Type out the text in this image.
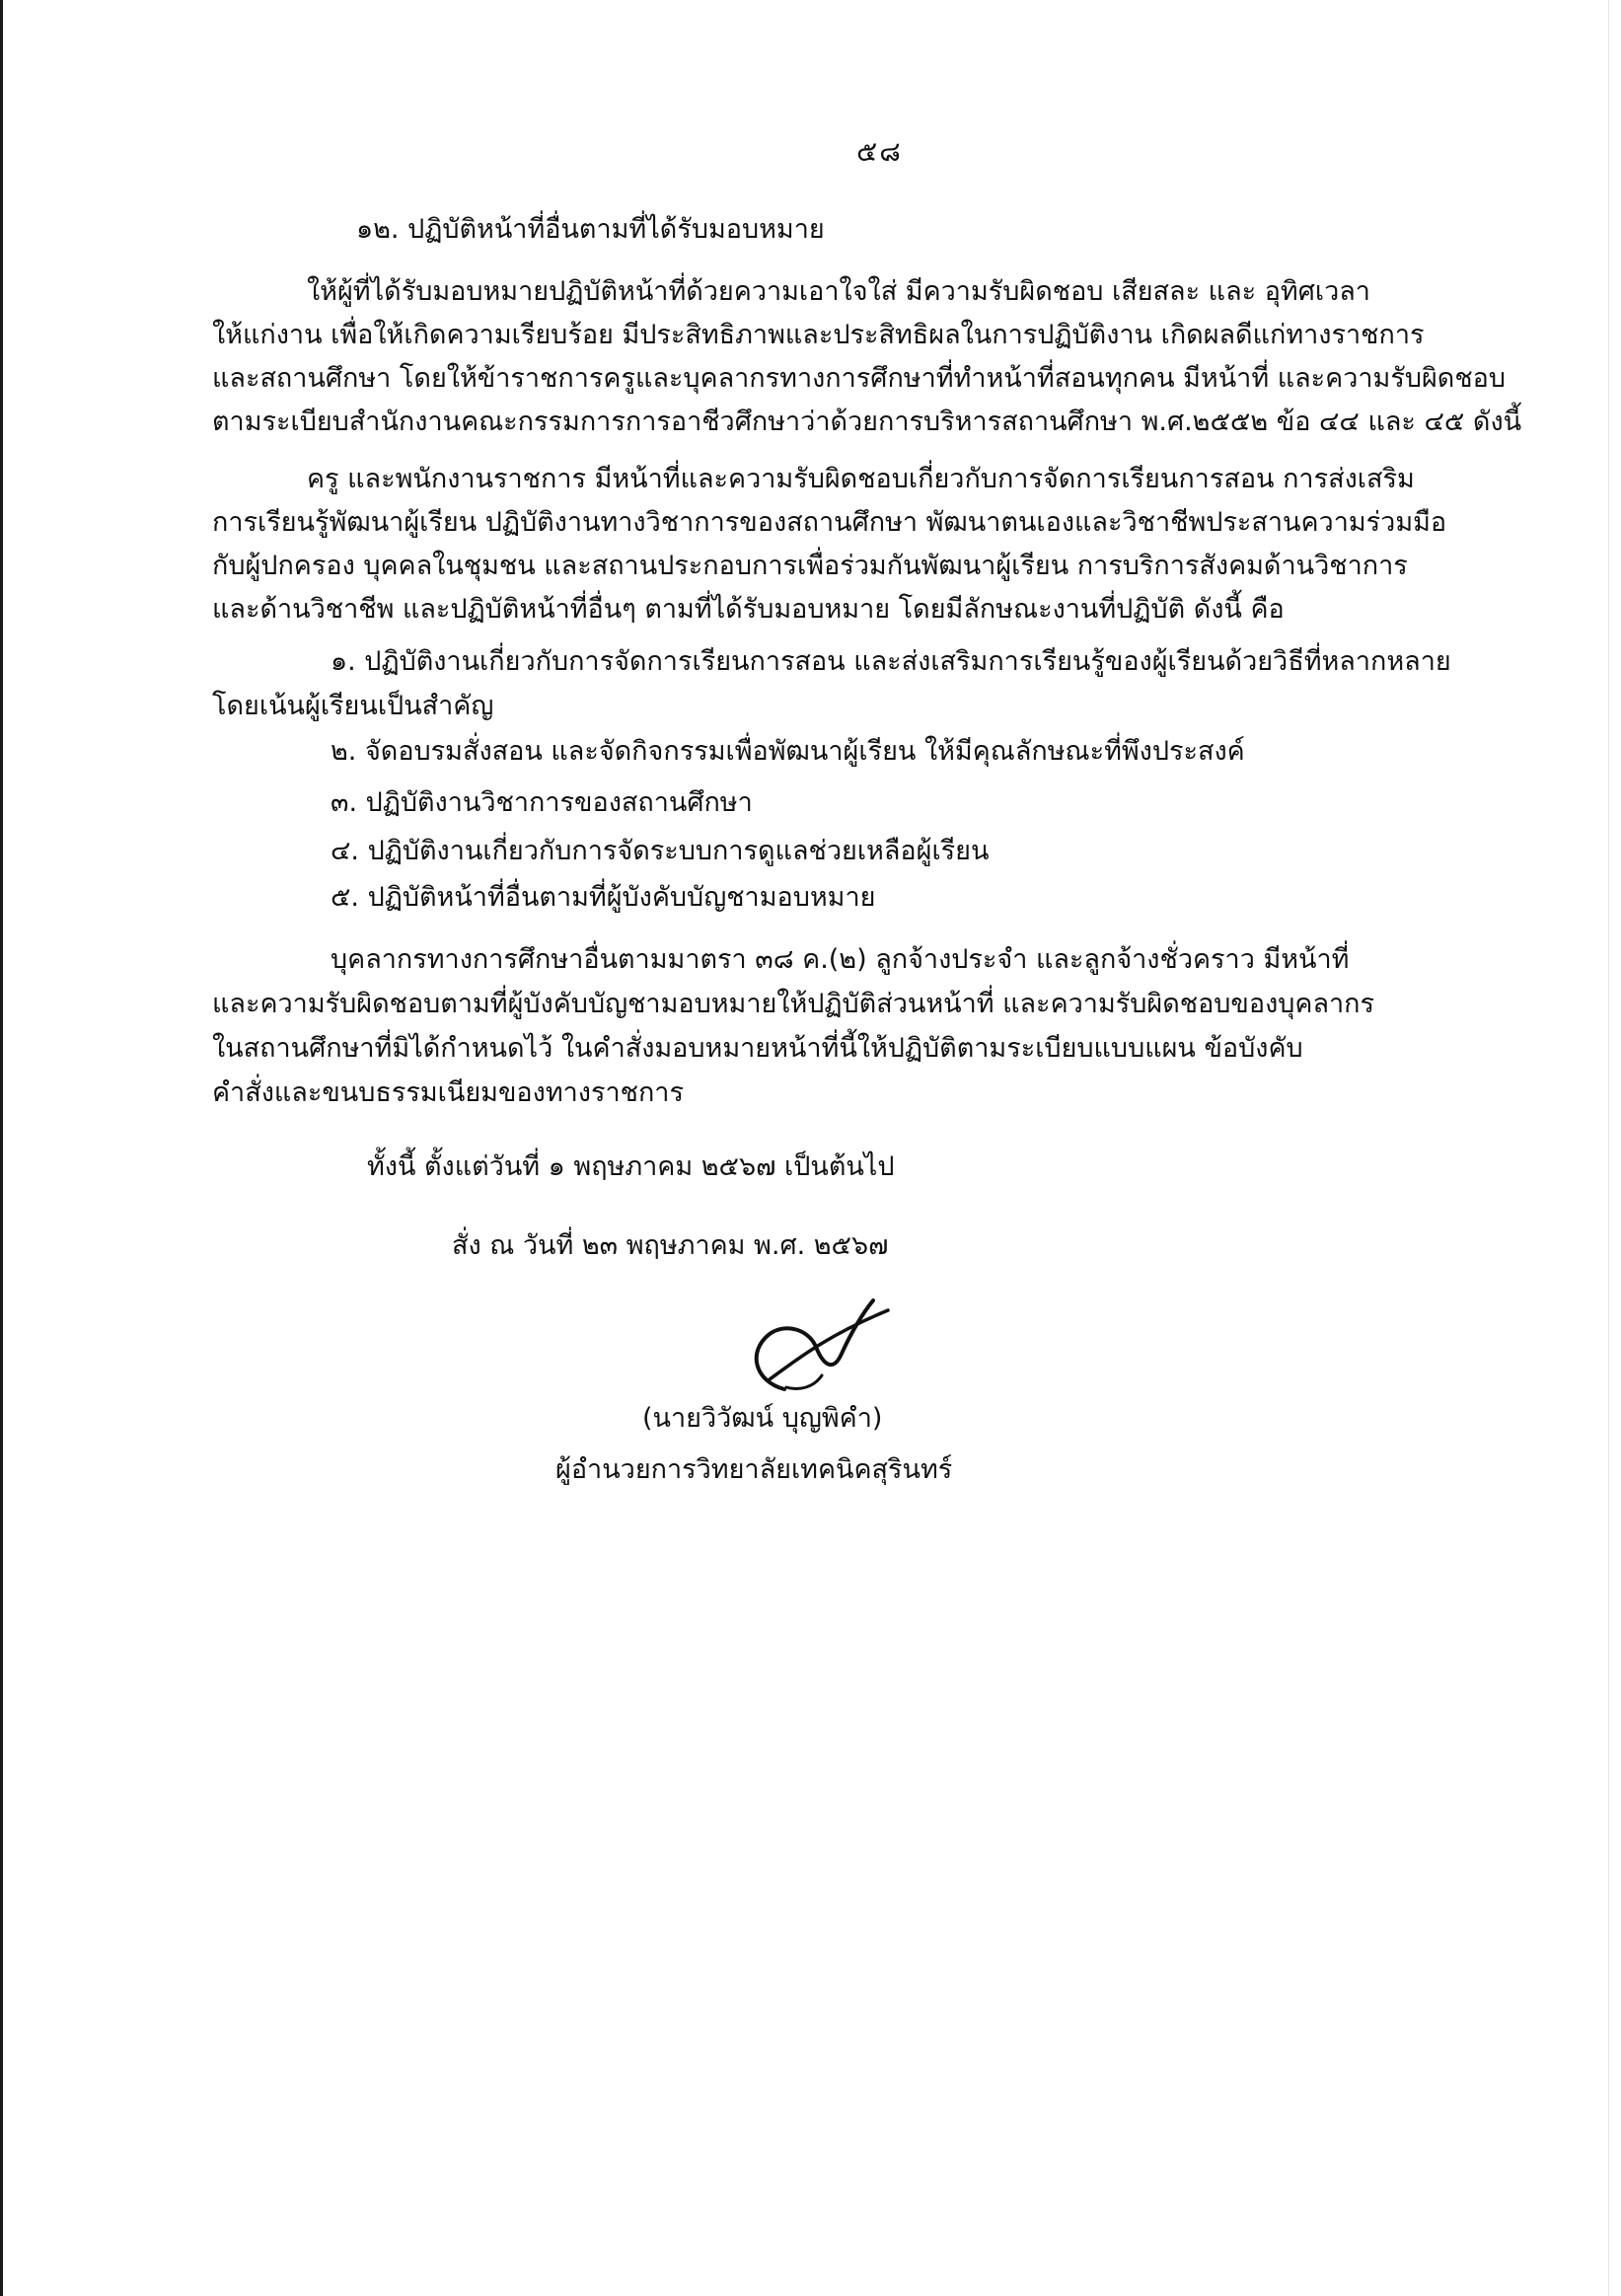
๕๘

๑๒. ปฏิบัติหน้าที่อื่นตามที่ได้รับมอบหมาย

ให้ผู้ที่ได้รับมอบหมายปฏิบัติหน้าที่ด้วยความเอาใจใส่ มีความรับผิดชอบ เสียสละ และ อุทิศเวลา

ให้แก่งาน เพื่อให้เกิดความเรียบร้อย มีประสิทธิภาพและประสิทธิผลในการปฏิบัติงาน เกิดผลดีแก่ทางราชการ

และสถานศึกษา โดยให้ข้าราชการครูและบุคลากรทางการศึกษาที่ทำหน้าที่สอนทุกคน มีหน้าที่ และความรับผิดชอบ

ตามระเบียบสำนักงานคณะกรรมการการอาชีวศึกษาว่าด้วยการบริหารสถานศึกษา พ.ศ.๒๕๕๒ ข้อ ๔๔ และ ๔๕ ดังนี้

ครู และพนักงานราชการ มีหน้าที่และความรับผิดชอบเกี่ยวกับการจัดการเรียนการสอน การส่งเสริม

การเรียนรู้พัฒนาผู้เรียน ปฏิบัติงานทางวิชาการของสถานศึกษา พัฒนาตนเองและวิชาชีพประสานความร่วมมือ

กับผู้ปกครอง บุคคลในชุมชน และสถานประกอบการเพื่อร่วมกันพัฒนาผู้เรียน การบริการสังคมด้านวิชาการ

และด้านวิชาชีพ และปฏิบัติหน้าที่อื่นๆ ตามที่ได้รับมอบหมาย โดยมีลักษณะงานที่ปฏิบัติ ดังนี้ คือ

๑. ปฏิบัติงานเกี่ยวกับการจัดการเรียนการสอน และส่งเสริมการเรียนรู้ของผู้เรียนด้วยวิธีที่หลากหลาย

โดยเน้นผู้เรียนเป็นสำคัญ

๒. จัดอบรมสั่งสอน และจัดกิจกรรมเพื่อพัฒนาผู้เรียน ให้มีคุณลักษณะที่พึงประสงค์

๓. ปฏิบัติงานวิชาการของสถานศึกษา

๔. ปฏิบัติงานเกี่ยวกับการจัดระบบการดูแลช่วยเหลือผู้เรียน

๕. ปฏิบัติหน้าที่อื่นตามที่ผู้บังคับบัญชามอบหมาย

บุคลากรทางการศึกษาอื่นตามมาตรา ๓๘ ค.(๒) ลูกจ้างประจำ และลูกจ้างชั่วคราว มีหน้าที่

และความรับผิดชอบตามที่ผู้บังคับบัญชามอบหมายให้ปฏิบัติส่วนหน้าที่ และความรับผิดชอบของบุคลากร

ในสถานศึกษาที่มิได้กำหนดไว้ ในคำสั่งมอบหมายหน้าที่นี้ให้ปฏิบัติตามระเบียบแบบแผน ข้อบังคับ

คำสั่งและขนบธรรมเนียมของทางราชการ

ทั้งนี้ ตั้งแต่วันที่ ๑ พฤษภาคม ๒๕๖๗ เป็นต้นไป

สั่ง ณ วันที่ ๒๓ พฤษภาคม พ.ศ. ๒๕๖๗

(นายวิวัฒน์ บุญพิคำ)

ผู้อำนวยการวิทยาลัยเทคนิคสุรินทร์
